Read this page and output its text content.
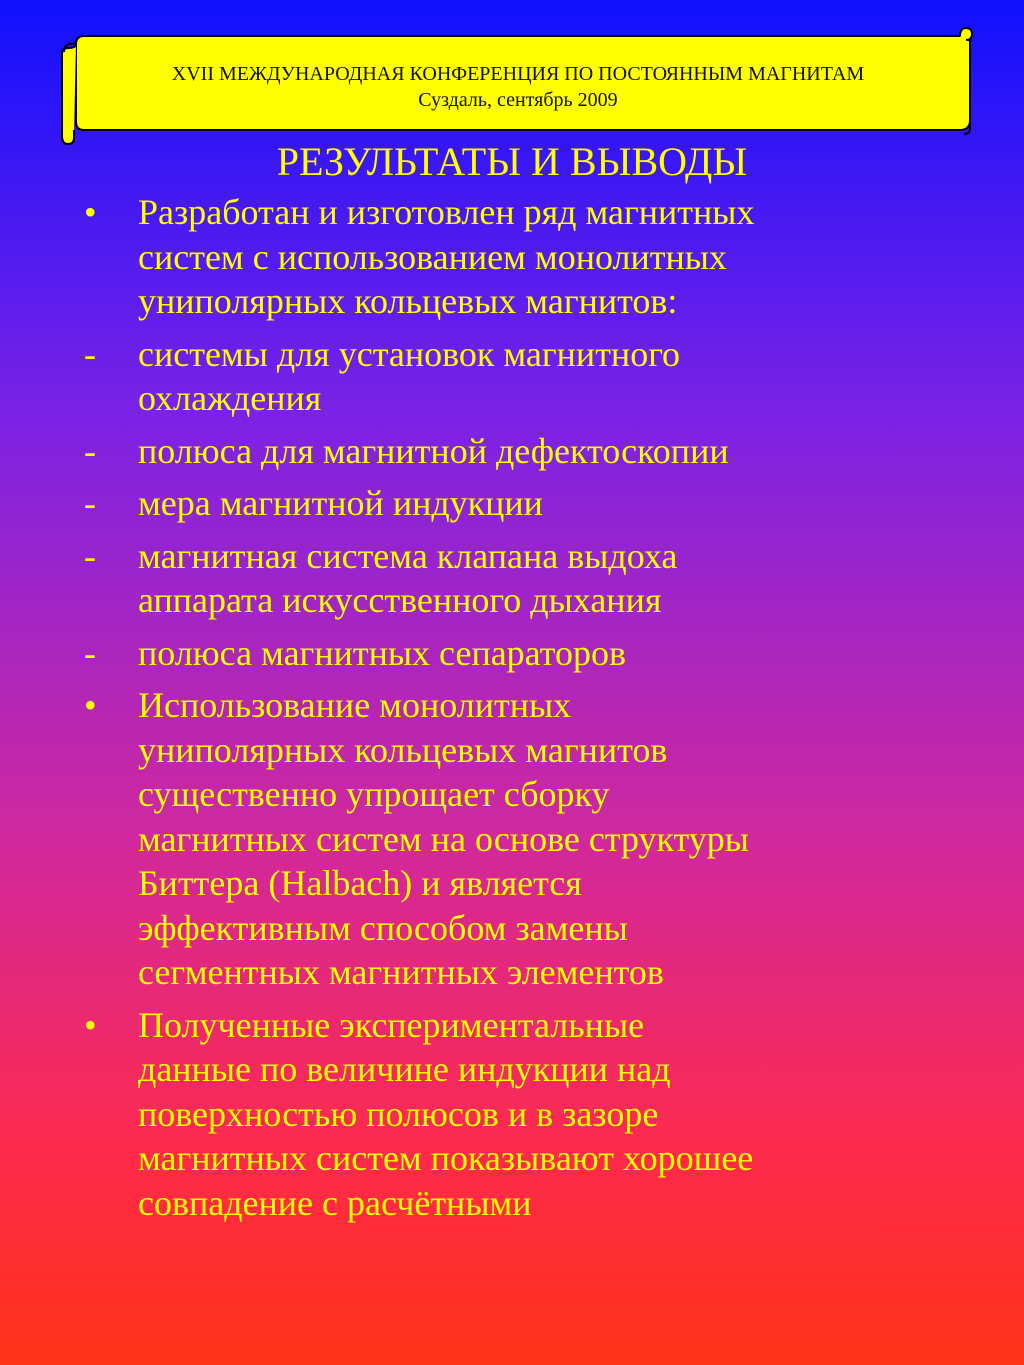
XVII МЕЖДУНАРОДНАЯ КОНФЕРЕНЦИЯ ПО ПОСТОЯННЫМ МАГНИТАМ
Суздаль, сентябрь 2009
РЕЗУЛЬТАТЫ И ВЫВОДЫ
•	Разработан и изготовлен ряд магнитных
систем с использованием монолитных
униполярных кольцевых магнитов:
-	системы для установок магнитного
охлаждения
-	полюса для магнитной дефектоскопии
-	мера магнитной индукции
-	магнитная система клапана выдоха
аппарата искусственного дыхания
-	полюса магнитных сепараторов
•	Использование монолитных
униполярных кольцевых магнитов
существенно упрощает сборку
магнитных систем на основе структуры
Биттера (Halbach) и является
эффективным способом замены
сегментных магнитных элементов
•	Полученные экспериментальные
данные по величине индукции над
поверхностью полюсов и в зазоре
магнитных систем показывают хорошее
совпадение с расчётными
